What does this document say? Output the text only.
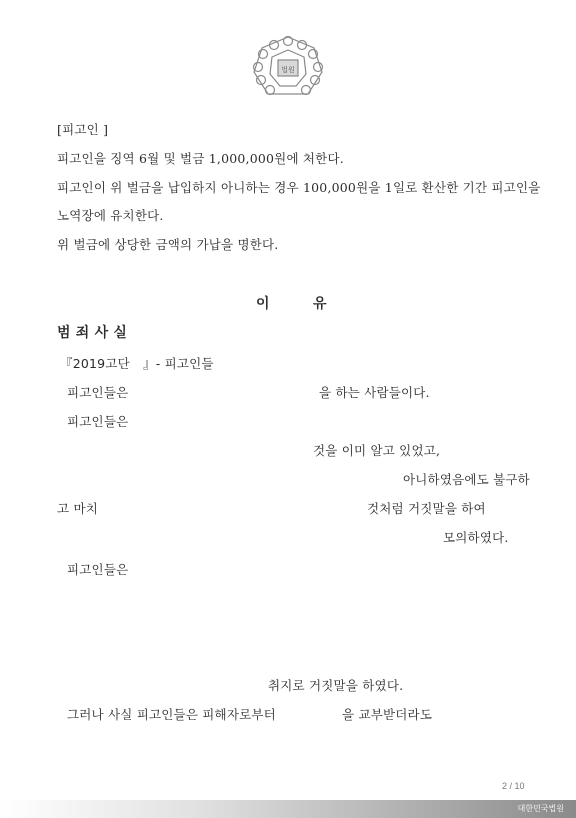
법원
[피고인 ]
피고인을 징역 6월 및 벌금 1,000,000원에 처한다.
피고인이 위 벌금을 납입하지 아니하는 경우 100,000원을 1일로 환산한 기간 피고인을
노역장에 유치한다.
위 벌금에 상당한 금액의 가납을 명한다.
이	유
범 죄 사 실
『2019고단 』- 피고인들
피고인들은	을 하는 사람들이다.
피고인들은
것을 이미 알고 있었고,
아니하였음에도 불구하
고 마치	것처럼 거짓말을 하여
모의하였다.
피고인들은
취지로 거짓말을 하였다.
그러나 사실 피고인들은 피해자로부터	을 교부받더라도
2 / 10
대한민국법원
